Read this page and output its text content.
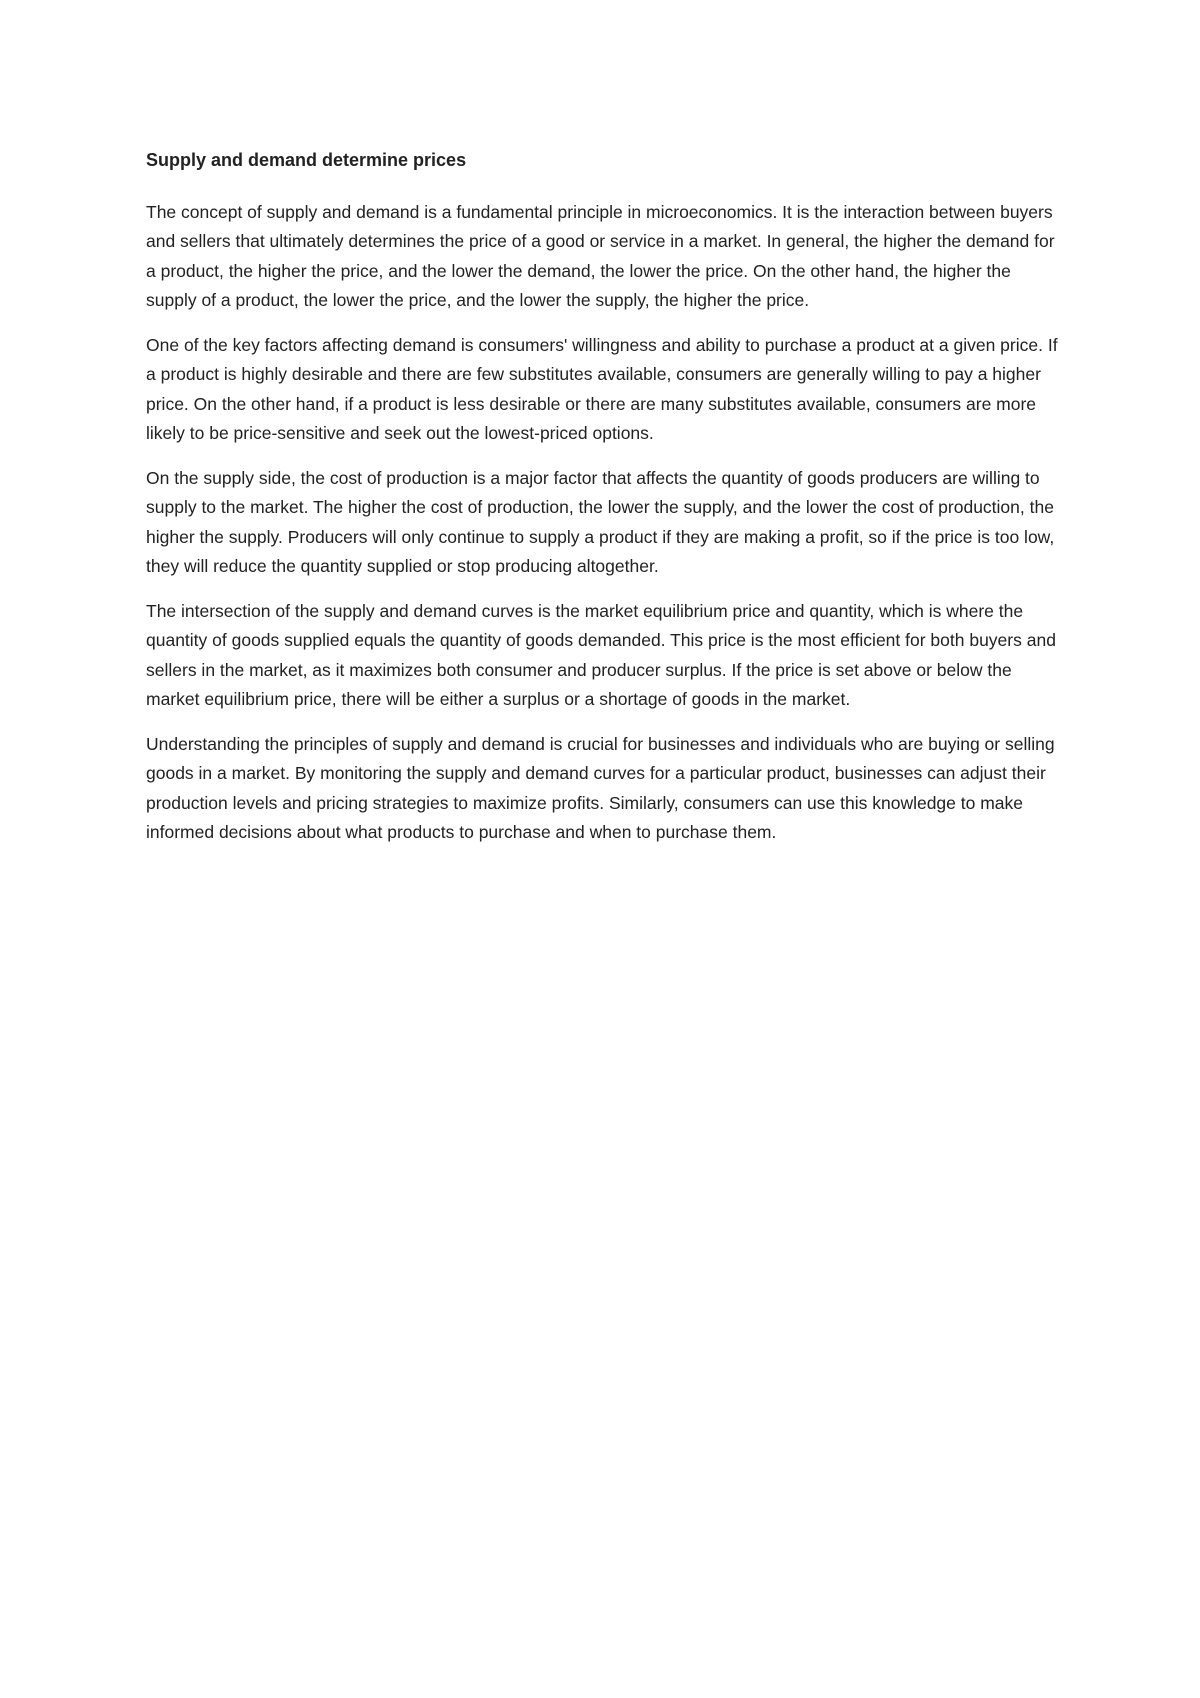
Supply and demand determine prices

The concept of supply and demand is a fundamental principle in microeconomics. It is the interaction between buyers and sellers that ultimately determines the price of a good or service in a market. In general, the higher the demand for a product, the higher the price, and the lower the demand, the lower the price. On the other hand, the higher the supply of a product, the lower the price, and the lower the supply, the higher the price.

One of the key factors affecting demand is consumers' willingness and ability to purchase a product at a given price. If a product is highly desirable and there are few substitutes available, consumers are generally willing to pay a higher price. On the other hand, if a product is less desirable or there are many substitutes available, consumers are more likely to be price-sensitive and seek out the lowest-priced options.

On the supply side, the cost of production is a major factor that affects the quantity of goods producers are willing to supply to the market. The higher the cost of production, the lower the supply, and the lower the cost of production, the higher the supply. Producers will only continue to supply a product if they are making a profit, so if the price is too low, they will reduce the quantity supplied or stop producing altogether.

The intersection of the supply and demand curves is the market equilibrium price and quantity, which is where the quantity of goods supplied equals the quantity of goods demanded. This price is the most efficient for both buyers and sellers in the market, as it maximizes both consumer and producer surplus. If the price is set above or below the market equilibrium price, there will be either a surplus or a shortage of goods in the market.

Understanding the principles of supply and demand is crucial for businesses and individuals who are buying or selling goods in a market. By monitoring the supply and demand curves for a particular product, businesses can adjust their production levels and pricing strategies to maximize profits. Similarly, consumers can use this knowledge to make informed decisions about what products to purchase and when to purchase them.
